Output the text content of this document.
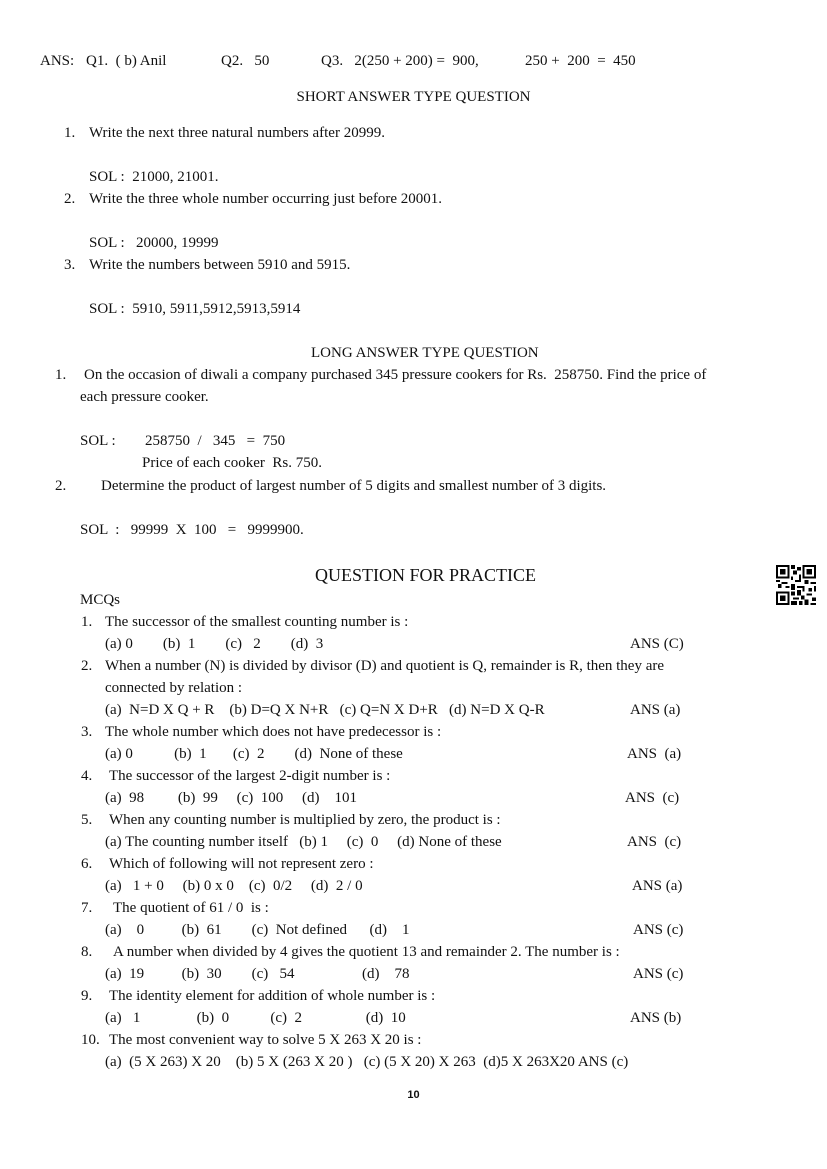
ANS: Q1.  ( b) Anil	Q2.   50	Q3.   2(250 + 200) =  900,	250 +  200  =  450
SHORT ANSWER TYPE QUESTION
1. Write the next three natural numbers after 20999.
SOL :  21000, 21001.
2. Write the three whole number occurring just before 20001.
SOL :   20000, 19999
3. Write the numbers between 5910 and 5915.
SOL :  5910, 5911,5912,5913,5914
LONG ANSWER TYPE QUESTION
1. On the occasion of diwali a company purchased 345 pressure cookers for Rs.  258750. Find the price of
each pressure cooker.
SOL : 258750  /   345   =  750
Price of each cooker  Rs. 750.
2. Determine the product of largest number of 5 digits and smallest number of 3 digits.
SOL  :   99999  X  100   =   9999900.
QUESTION FOR PRACTICE
MCQs
1. The successor of the smallest counting number is :
(a) 0        (b)  1        (c)   2        (d)  3	ANS (C)
2. When a number (N) is divided by divisor (D) and quotient is Q, remainder is R, then they are
connected by relation :
(a)  N=D X Q + R    (b) D=Q X N+R   (c) Q=N X D+R   (d) N=D X Q-R	ANS (a)
3. The whole number which does not have predecessor is :
(a) 0           (b)  1       (c)  2        (d)  None of these	ANS  (a)
4. The successor of the largest 2-digit number is :
(a)  98         (b)  99     (c)  100     (d)    101	ANS  (c)
5. When any counting number is multiplied by zero, the product is :
(a) The counting number itself   (b) 1     (c)  0     (d) None of these	ANS  (c)
6. Which of following will not represent zero :
(a)   1 + 0     (b) 0 x 0    (c)  0/2     (d)  2 / 0	ANS (a)
7. The quotient of 61 / 0  is :
(a)    0          (b)  61        (c)  Not defined      (d)    1	ANS (c)
8. A number when divided by 4 gives the quotient 13 and remainder 2. The number is :
(a)  19          (b)  30        (c)   54                  (d)    78	ANS (c)
9. The identity element for addition of whole number is :
(a)   1               (b)  0           (c)  2                 (d)  10	ANS (b)
10. The most convenient way to solve 5 X 263 X 20 is :
(a)  (5 X 263) X 20    (b) 5 X (263 X 20 )   (c) (5 X 20) X 263  (d)5 X 263X20 ANS (c)
10
